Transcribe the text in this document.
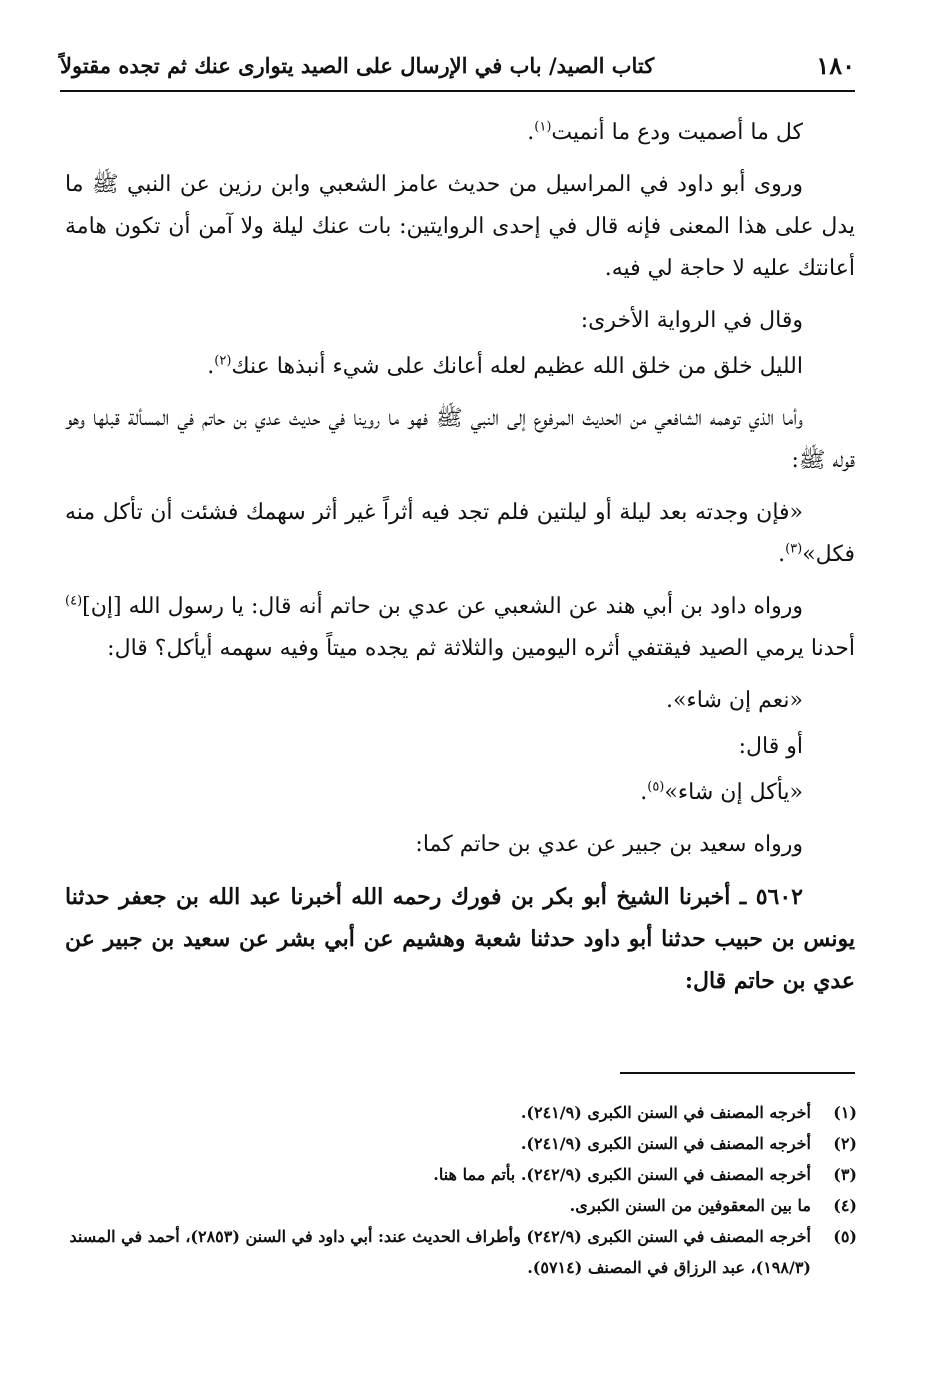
١٨٠
كتاب الصيد/ باب في الإرسال على الصيد يتوارى عنك ثم تجده مقتولاً

كل ما أصميت ودع ما أنميت$^{(١)}$.

وروى أبو داود في المراسيل من حديث عامز الشعبي وابن رزين عن النبي ﷺ ما يدل على هذا المعنى فإنه قال في إحدى الروايتين: بات عنك ليلة ولا آمن أن تكون هامة أعانتك عليه لا حاجة لي فيه.

وقال في الرواية الأخرى:

الليل خلق من خلق الله عظيم لعله أعانك على شيء أنبذها عنك$^{(٢)}$.

وأما الذي توهمه الشافعي من الحديث المرفوع إلى النبي ﷺ فهو ما روينا في حديث عدي بن حاتم في المسألة قبلها وهو قوله ﷺ:

«فإن وجدته بعد ليلة أو ليلتين فلم تجد فيه أثراً غير أثر سهمك فشئت أن تأكل منه فكل»$^{(٣)}$.

ورواه داود بن أبي هند عن الشعبي عن عدي بن حاتم أنه قال: يا رسول الله [إن]$^{(٤)}$ أحدنا يرمي الصيد فيقتفي أثره اليومين والثلاثة ثم يجده ميتاً وفيه سهمه أيأكل؟ قال:

«نعم إن شاء».

أو قال:

«يأكل إن شاء»$^{(٥)}$.

ورواه سعيد بن جبير عن عدي بن حاتم كما:

٥٦٠٢ ـ أخبرنا الشيخ أبو بكر بن فورك رحمه الله أخبرنا عبد الله بن جعفر حدثنا يونس بن حبيب حدثنا أبو داود حدثنا شعبة وهشيم عن أبي بشر عن سعيد بن جبير عن عدي بن حاتم قال:

(١)
أخرجه المصنف في السنن الكبرى (٢٤١/٩).
(٢)
أخرجه المصنف في السنن الكبرى (٢٤١/٩).
(٣)
أخرجه المصنف في السنن الكبرى (٢٤٢/٩). بأتم مما هنا.
(٤)
ما بين المعقوفين من السنن الكبرى.
(٥)
أخرجه المصنف في السنن الكبرى (٢٤٢/٩) وأطراف الحديث عند: أبي داود في السنن (٢٨٥٣)، أحمد في المسند (١٩٨/٣)، عبد الرزاق في المصنف (٥٧١٤).
